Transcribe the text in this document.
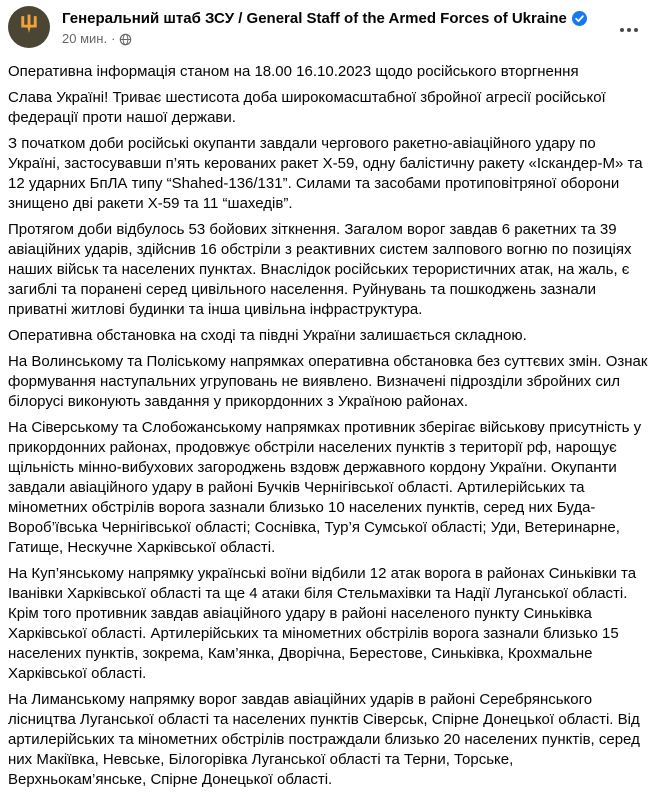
Генеральний штаб ЗСУ / General Staff of the Armed Forces of Ukraine
20 мин. ·

Оперативна інформація станом на 18.00 16.10.2023 щодо російського вторгнення

Слава Україні! Триває шестисота доба широкомасштабної збройної агресії російської федерації проти нашої держави.

З початком доби російські окупанти завдали чергового ракетно-авіаційного удару по Україні, застосувавши п’ять керованих ракет Х-59, одну балістичну ракету «Іскандер-М» та 12 ударних БпЛА типу “Shahed-136/131”. Силами та засобами протиповітряної оборони знищено дві ракети Х-59 та 11 “шахедів”.

Протягом доби відбулось 53 бойових зіткнення. Загалом ворог завдав 6 ракетних та 39 авіаційних ударів, здійснив 16 обстріли з реактивних систем залпового вогню по позиціях наших військ та населених пунктах. Внаслідок російських терористичних атак, на жаль, є загиблі та поранені серед цивільного населення. Руйнувань та пошкоджень зазнали приватні житлові будинки та інша цивільна інфраструктура.

Оперативна обстановка на сході та півдні України залишається складною.

На Волинському та Поліському напрямках оперативна обстановка без суттєвих змін. Ознак формування наступальних угруповань не виявлено. Визначені підрозділи збройних сил білорусі виконують завдання у прикордонних з Україною районах.

На Сіверському та Слобожанському напрямках противник зберігає військову присутність у прикордонних районах, продовжує обстріли населених пунктів з території рф, нарощує щільність мінно-вибухових загороджень вздовж державного кордону України. Окупанти завдали авіаційного удару в районі Бучків Чернігівської області. Артилерійських та мінометних обстрілів ворога зазнали близько 10 населених пунктів, серед них Буда-Вороб’ївська Чернігівської області; Соснівка, Тур’я Сумської області; Уди, Ветеринарне, Гатище, Нескучне Харківської області.

На Куп’янському напрямку українські воїни відбили 12 атак ворога в районах Синьківки та Іванівки Харківської області та ще 4 атаки біля Стельмахівки та Надії Луганської області. Крім того противник завдав авіаційного удару в районі населеного пункту Синьківка Харківської області. Артилерійських та мінометних обстрілів ворога зазнали близько 15 населених пунктів, зокрема, Кам’янка, Дворічна, Берестове, Синьківка, Крохмальне Харківської області.

На Лиманському напрямку ворог завдав авіаційних ударів в районі Серебрянського лісництва Луганської області та населених пунктів Сіверськ, Спірне Донецької області. Від артилерійських та мінометних обстрілів постраждали близько 20 населених пунктів, серед них Макіївка, Невське, Білогорівка Луганської області та Терни, Торське, Верхньокам’янське, Спірне Донецької області.
